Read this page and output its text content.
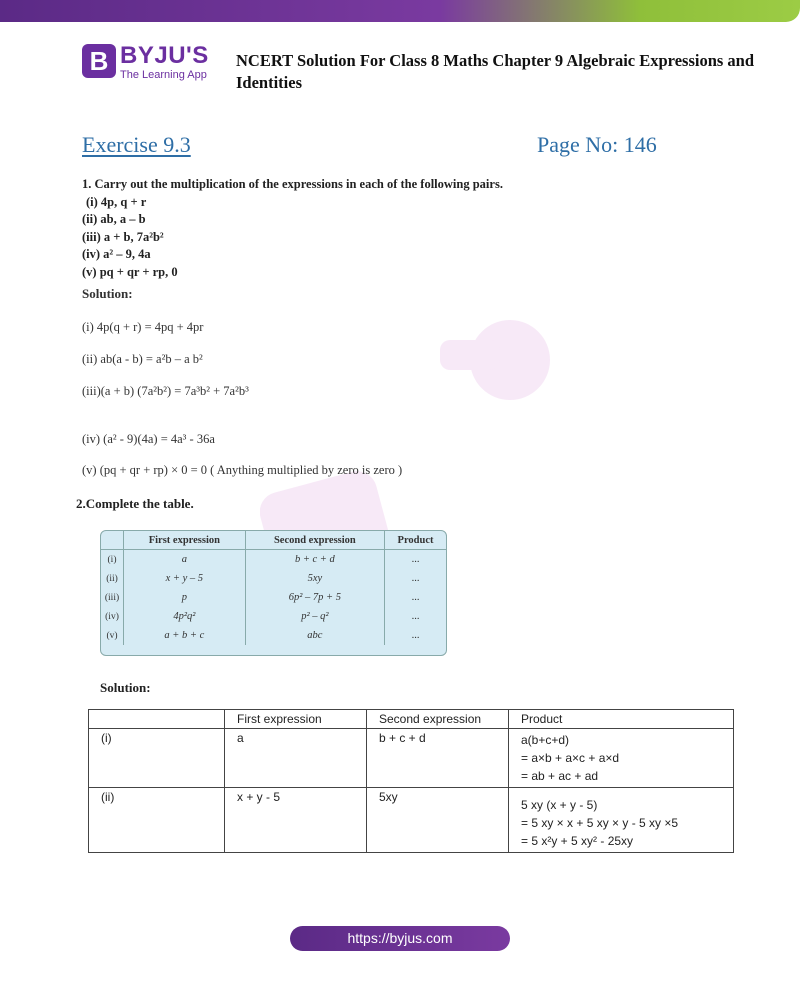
B BYJU'S
The Learning App
NCERT Solution For Class 8 Maths Chapter 9 Algebraic Expressions and Identities
Exercise 9.3	Page No: 146
1. Carry out the multiplication of the expressions in each of the following pairs.
(i) 4p, q + r
(ii) ab, a – b
(iii) a + b, 7a²b²
(iv) a² – 9, 4a
(v) pq + qr + rp, 0
Solution:
(i) 4p(q + r) = 4pq + 4pr
(ii) ab(a - b) = a²b – a b²
(iii)(a + b) (7a²b²) = 7a³b² + 7a²b³
(iv) (a² - 9)(4a) = 4a³ - 36a
(v) (pq + qr + rp) × 0 = 0 ( Anything multiplied by zero is zero )
2.Complete the table.
	First expression	Second expression	Product
(i)	a	b + c + d	...
(ii)	x + y – 5	5xy	...
(iii)	p	6p² – 7p + 5	...
(iv)	4p²q²	p² – q²	...
(v)	a + b + c	abc	...
Solution:
	First expression	Second expression	Product
(i)	a	b + c + d	a(b+c+d)
= a×b + a×c + a×d
= ab + ac + ad

(ii)	x + y - 5	5xy	5 xy (x + y - 5)
= 5 xy × x + 5 xy × y - 5 xy ×5
= 5 x²y + 5 xy² - 25xy
https://byjus.com
